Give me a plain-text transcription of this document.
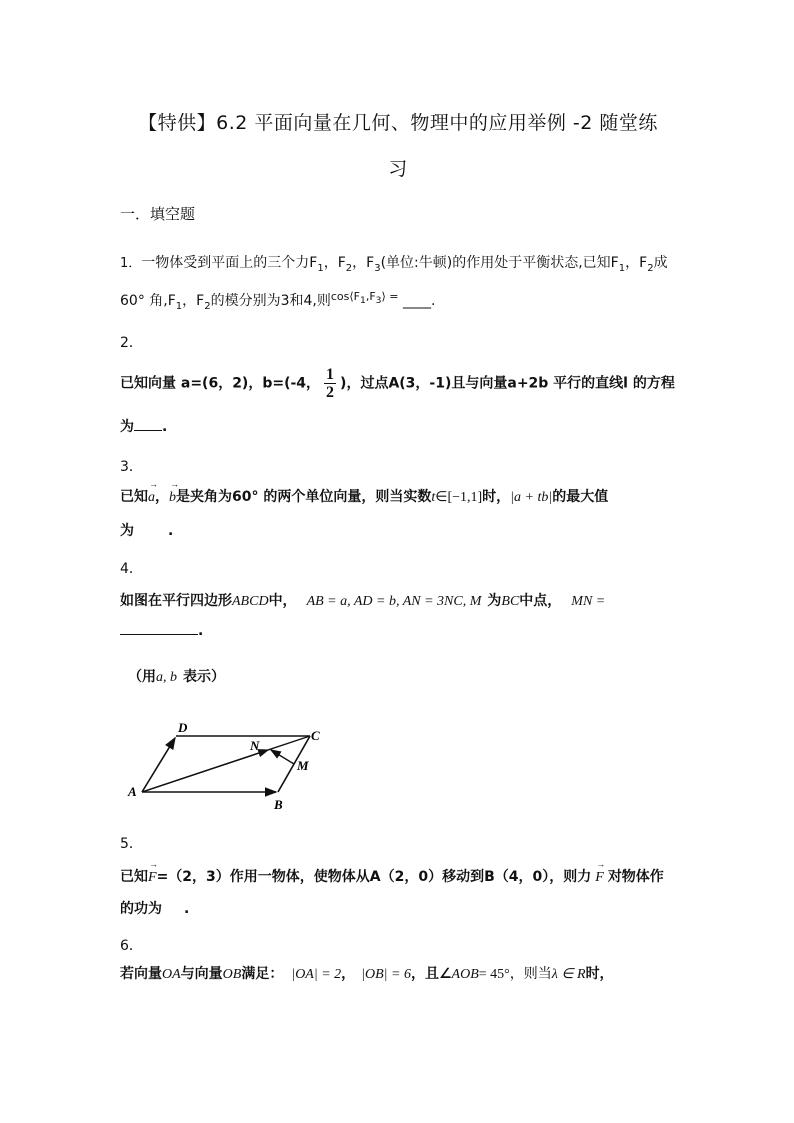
【特供】6.2 平面向量在几何、物理中的应用举例 -2 随堂练
习
一．填空题
1．一物体受到平面上的三个力$F_1$，$F_2$，$F_3$(单位:牛顿)的作用处于平衡状态,已知$F_1$，$F_2$成
60° 角$,F_1$，$F_2$的模分别为3和4,则$^{cos⟨F_1,F_3⟩ =}$ ____.
2．
已知向量 a=(6，2)，b=(-4， $\frac{1}{2}$ )，过点A(3，-1)且与向量a+2b 平行的直线l 的方程
为 .
3．
已知→ a，→ b是夹角为60° 的两个单位向量，则当实数t∈[−1,1]时，|a + tb|的最大值
为 .
4．
如图在平行四边形ABCD中， AB = a, AD = b, AN = 3NC, M 为BC中点， MN =
.
（用a, b 表示）
A
B
C
D
N
M
5．
已知→ F=（2，3）作用一物体，使物体从A（2，0）移动到B（4，0），则力→ F 对物体作
的功为 .
6．
若向量OA与向量OB满足： |OA| = 2， |OB| = 6，且∠AOB= 45°，则当λ ∈ R时，
